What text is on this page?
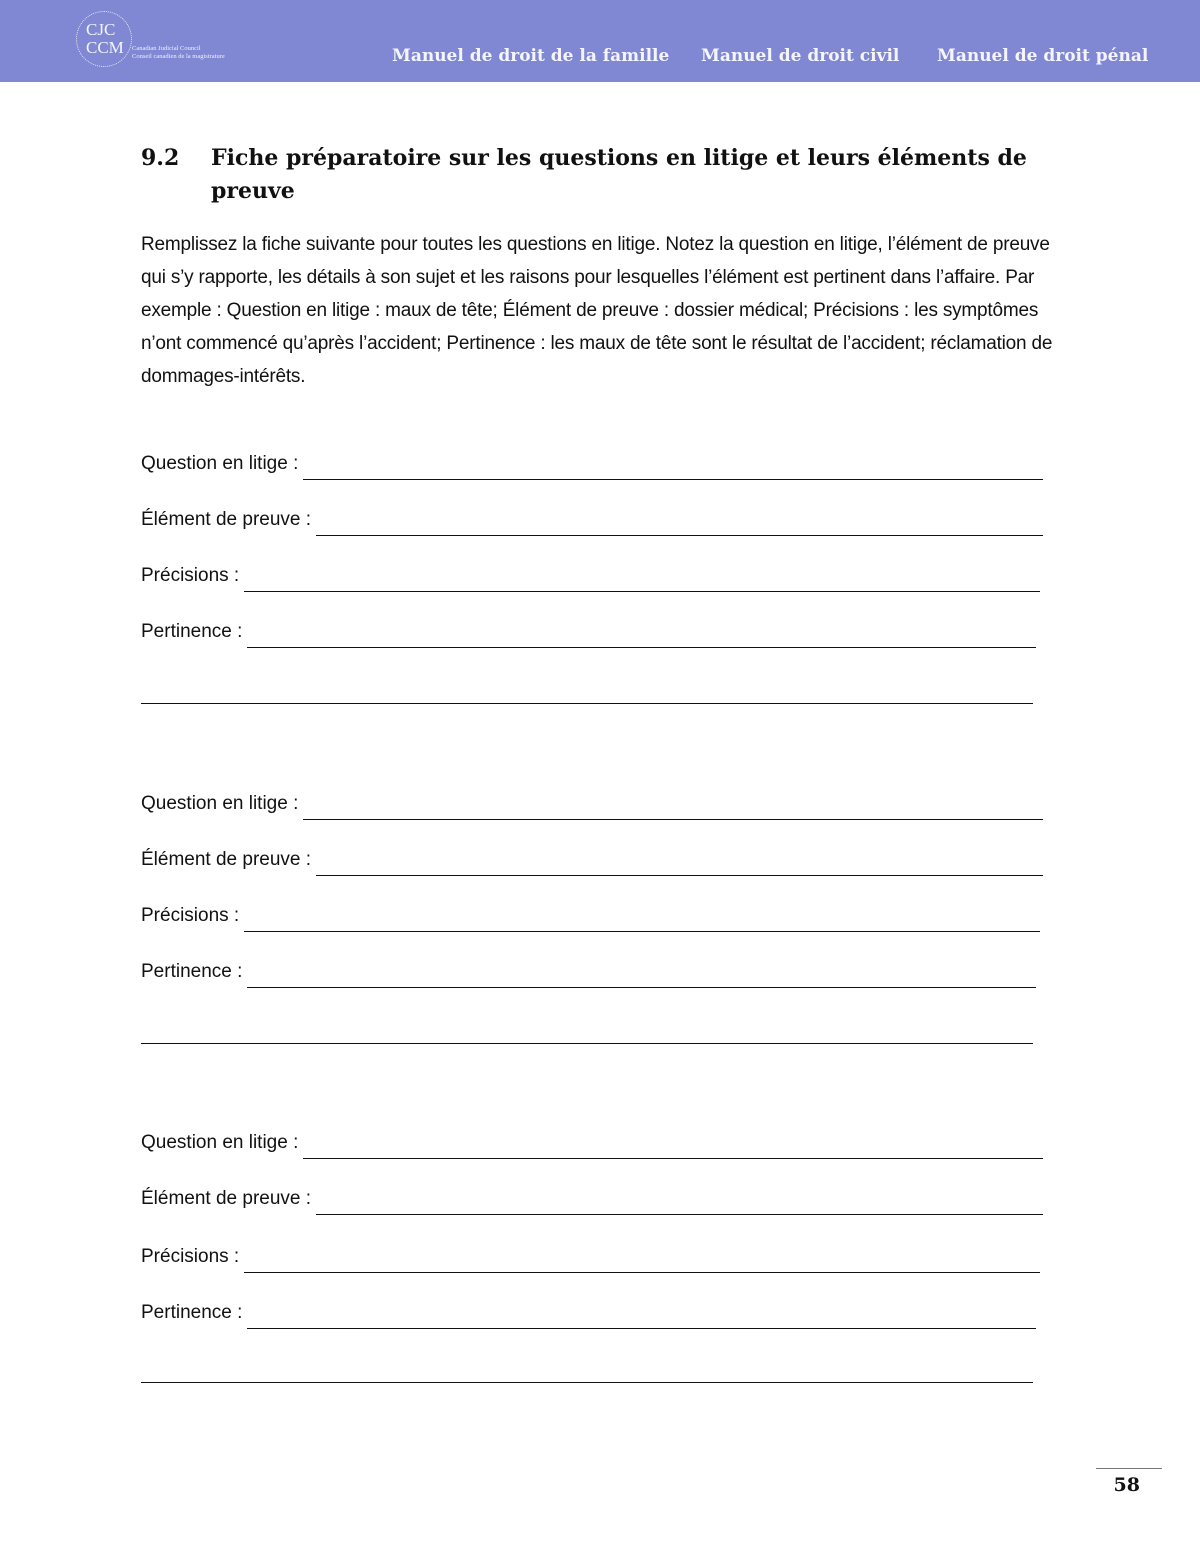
CJC
CCM Canadian Judicial Council
Conseil canadien de la magistrature	Manuel de droit de la famille Manuel de droit civil Manuel de droit pénal
9.2 Fiche préparatoire sur les questions en litige et leurs éléments de preuve
Remplissez la fiche suivante pour toutes les questions en litige. Notez la question en litige, l’élément de preuve qui s’y rapporte, les détails à son sujet et les raisons pour lesquelles l’élément est pertinent dans l’affaire. Par exemple : Question en litige : maux de tête; Élément de preuve : dossier médical; Précisions : les symptômes n’ont commencé qu’après l’accident; Pertinence : les maux de tête sont le résultat de l’accident; réclamation de dommages-intérêts.
Question en litige :
Élément de preuve :
Précisions :
Pertinence :
Question en litige :
Élément de preuve :
Précisions :
Pertinence :
Question en litige :
Élément de preuve :
Précisions :
Pertinence :
58
